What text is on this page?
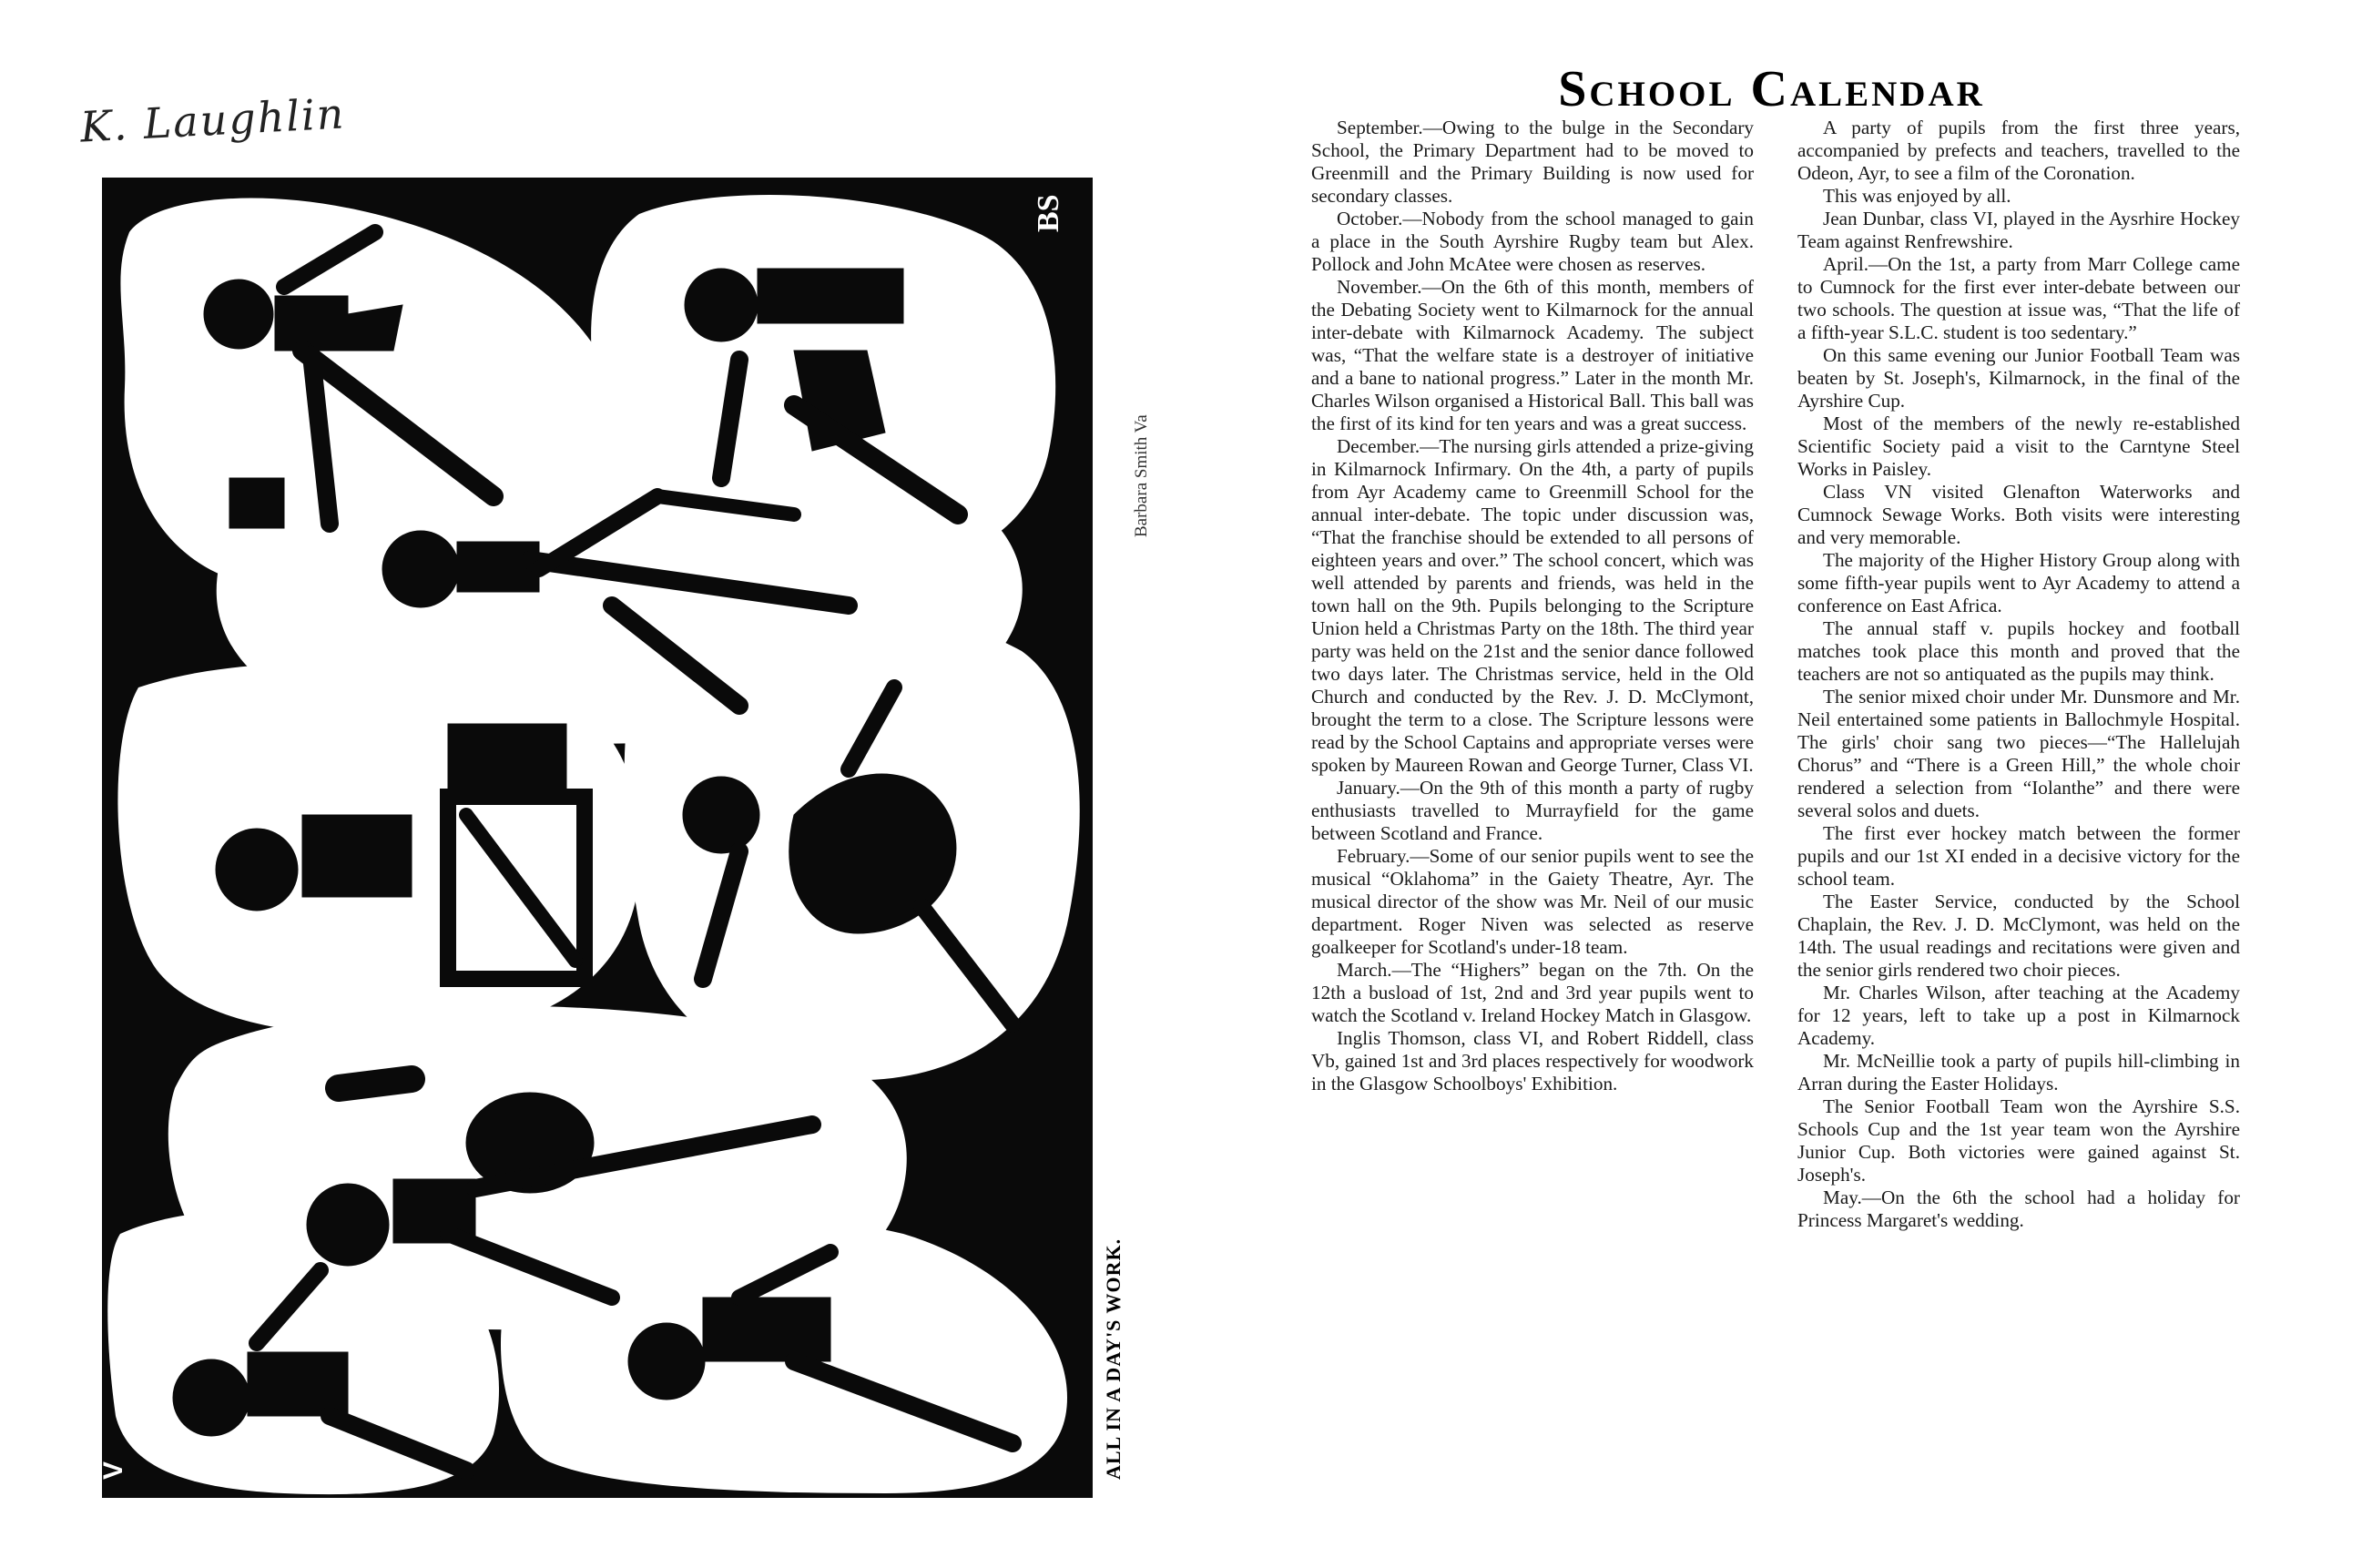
K. Laughlin
BS
V
Barbara Smith Va
ALL IN A DAY'S WORK.
School Calendar

September.—Owing to the bulge in the Secondary School, the Primary Department had to be moved to Greenmill and the Primary Building is now used for secondary classes.

October.—Nobody from the school managed to gain a place in the South Ayrshire Rugby team but Alex. Pollock and John McAtee were chosen as reserves.

November.—On the 6th of this month, members of the Debating Society went to Kilmarnock for the annual inter-debate with Kilmarnock Academy. The subject was, “That the welfare state is a destroyer of initiative and a bane to national progress.” Later in the month Mr. Charles Wilson organised a Historical Ball. This ball was the first of its kind for ten years and was a great success.

December.—The nursing girls attended a prize-giving in Kilmarnock Infirmary. On the 4th, a party of pupils from Ayr Academy came to Greenmill School for the annual inter-debate. The topic under discussion was, “That the franchise should be extended to all persons of eighteen years and over.” The school concert, which was well attended by parents and friends, was held in the town hall on the 9th. Pupils belonging to the Scripture Union held a Christmas Party on the 18th. The third year party was held on the 21st and the senior dance followed two days later. The Christmas service, held in the Old Church and conducted by the Rev. J. D. McClymont, brought the term to a close. The Scripture lessons were read by the School Captains and appropriate verses were spoken by Maureen Rowan and George Turner, Class VI.

January.—On the 9th of this month a party of rugby enthusiasts travelled to Murrayfield for the game between Scotland and France.

February.—Some of our senior pupils went to see the musical “Oklahoma” in the Gaiety Theatre, Ayr. The musical director of the show was Mr. Neil of our music department. Roger Niven was selected as reserve goalkeeper for Scotland's under-18 team.

March.—The “Highers” began on the 7th. On the 12th a busload of 1st, 2nd and 3rd year pupils went to watch the Scotland v. Ireland Hockey Match in Glasgow.

Inglis Thomson, class VI, and Robert Riddell, class Vb, gained 1st and 3rd places respectively for woodwork in the Glasgow Schoolboys' Exhibition.

A party of pupils from the first three years, accompanied by prefects and teachers, travelled to the Odeon, Ayr, to see a film of the Coronation.

This was enjoyed by all.

Jean Dunbar, class VI, played in the Aysrhire Hockey Team against Renfrewshire.

April.—On the 1st, a party from Marr College came to Cumnock for the first ever inter-debate between our two schools. The question at issue was, “That the life of a fifth-year S.L.C. student is too sedentary.”

On this same evening our Junior Football Team was beaten by St. Joseph's, Kilmarnock, in the final of the Ayrshire Cup.

Most of the members of the newly re-established Scientific Society paid a visit to the Carntyne Steel Works in Paisley.

Class VN visited Glenafton Waterworks and Cumnock Sewage Works. Both visits were interesting and very memorable.

The majority of the Higher History Group along with some fifth-year pupils went to Ayr Academy to attend a conference on East Africa.

The annual staff v. pupils hockey and football matches took place this month and proved that the teachers are not so antiquated as the pupils may think.

The senior mixed choir under Mr. Dunsmore and Mr. Neil entertained some patients in Ballochmyle Hospital. The girls' choir sang two pieces—“The Hallelujah Chorus” and “There is a Green Hill,” the whole choir rendered a selection from “Iolanthe” and there were several solos and duets.

The first ever hockey match between the former pupils and our 1st XI ended in a decisive victory for the school team.

The Easter Service, conducted by the School Chaplain, the Rev. J. D. McClymont, was held on the 14th. The usual readings and recitations were given and the senior girls rendered two choir pieces.

Mr. Charles Wilson, after teaching at the Academy for 12 years, left to take up a post in Kilmarnock Academy.

Mr. McNeillie took a party of pupils hill-climbing in Arran during the Easter Holidays.

The Senior Football Team won the Ayrshire S.S. Schools Cup and the 1st year team won the Ayrshire Junior Cup. Both victories were gained against St. Joseph's.

May.—On the 6th the school had a holiday for Princess Margaret's wedding.
